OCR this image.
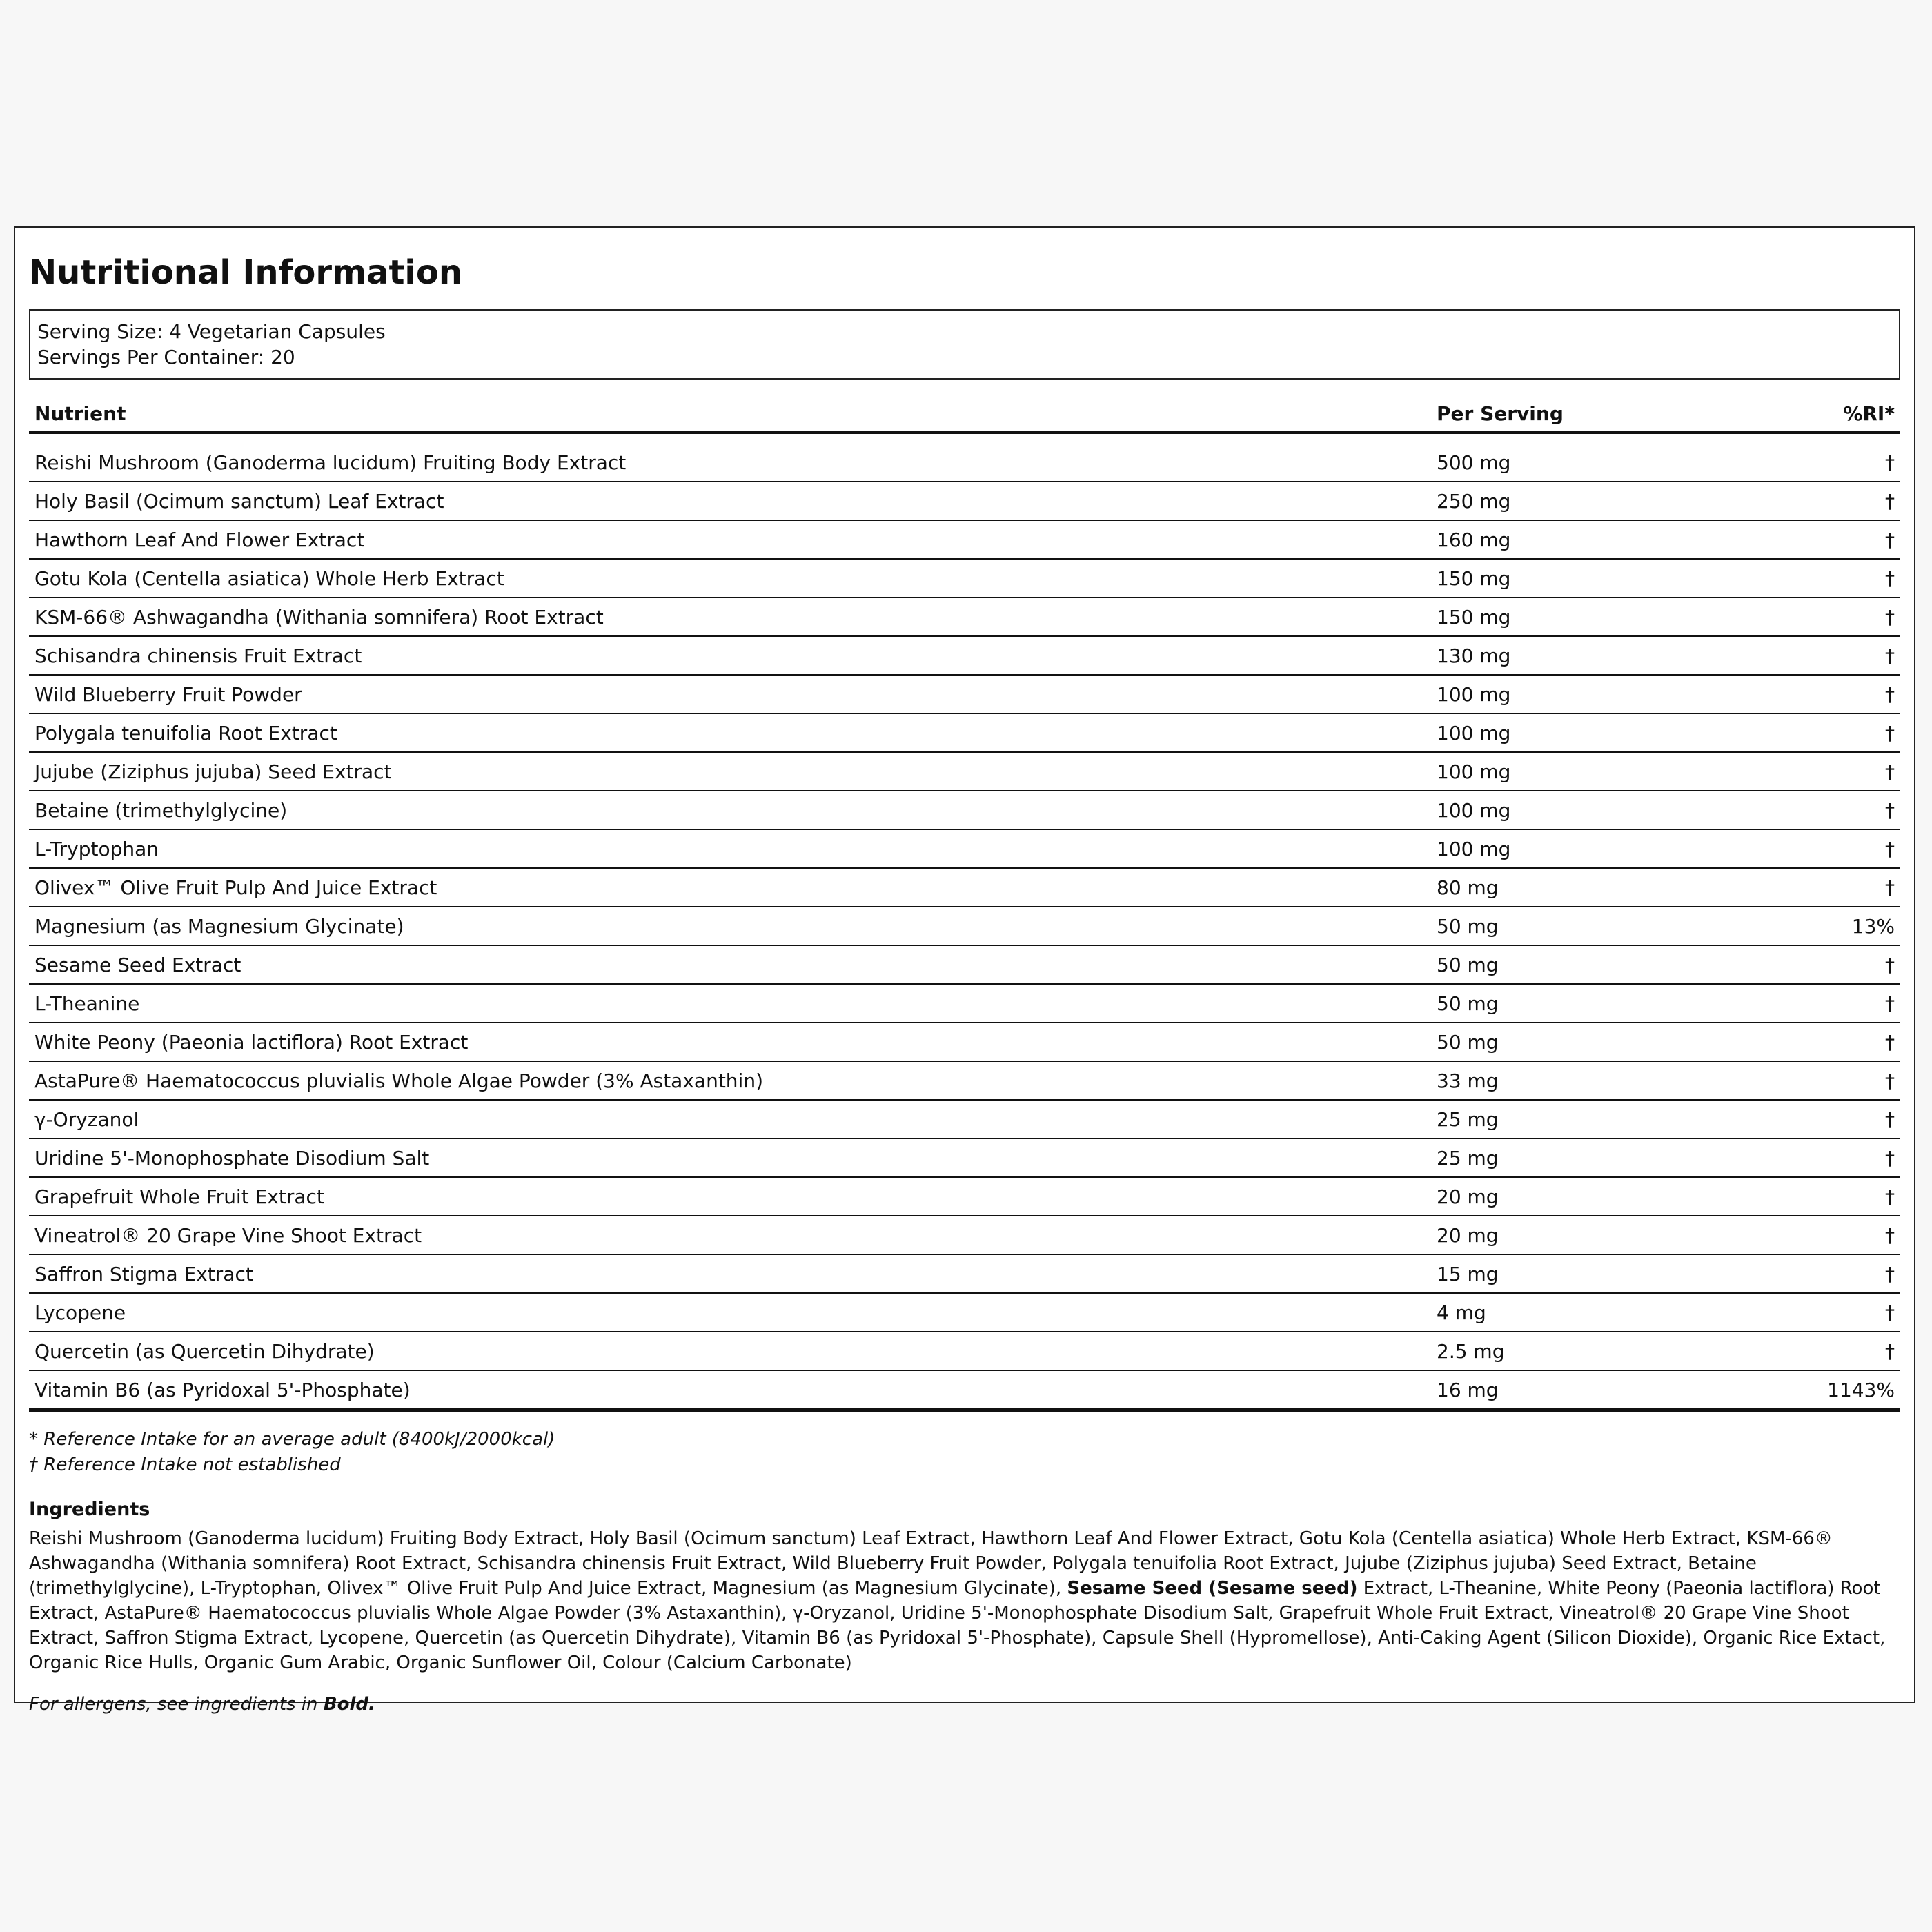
Nutritional Information
Serving Size: 4 Vegetarian Capsules
Servings Per Container: 20
Nutrient	Per Serving	%RI*
Reishi Mushroom (Ganoderma lucidum) Fruiting Body Extract	500 mg	†
Holy Basil (Ocimum sanctum) Leaf Extract	250 mg	†
Hawthorn Leaf And Flower Extract	160 mg	†
Gotu Kola (Centella asiatica) Whole Herb Extract	150 mg	†
KSM-66® Ashwagandha (Withania somnifera) Root Extract	150 mg	†
Schisandra chinensis Fruit Extract	130 mg	†
Wild Blueberry Fruit Powder	100 mg	†
Polygala tenuifolia Root Extract	100 mg	†
Jujube (Ziziphus jujuba) Seed Extract	100 mg	†
Betaine (trimethylglycine)	100 mg	†
L-Tryptophan	100 mg	†
Olivex™ Olive Fruit Pulp And Juice Extract	80 mg	†
Magnesium (as Magnesium Glycinate)	50 mg	13%
Sesame Seed Extract	50 mg	†
L-Theanine	50 mg	†
White Peony (Paeonia lactiflora) Root Extract	50 mg	†
AstaPure® Haematococcus pluvialis Whole Algae Powder (3% Astaxanthin)	33 mg	†
γ-Oryzanol	25 mg	†
Uridine 5'-Monophosphate Disodium Salt	25 mg	†
Grapefruit Whole Fruit Extract	20 mg	†
Vineatrol® 20 Grape Vine Shoot Extract	20 mg	†
Saffron Stigma Extract	15 mg	†
Lycopene	4 mg	†
Quercetin (as Quercetin Dihydrate)	2.5 mg	†
Vitamin B6 (as Pyridoxal 5'-Phosphate)	16 mg	1143%
* Reference Intake for an average adult (8400kJ/2000kcal)
† Reference Intake not established
Ingredients
Reishi Mushroom (Ganoderma lucidum) Fruiting Body Extract, Holy Basil (Ocimum sanctum) Leaf Extract, Hawthorn Leaf And Flower Extract, Gotu Kola (Centella asiatica) Whole Herb Extract, KSM-66® Ashwagandha (Withania somnifera) Root Extract, Schisandra chinensis Fruit Extract, Wild Blueberry Fruit Powder, Polygala tenuifolia Root Extract, Jujube (Ziziphus jujuba) Seed Extract, Betaine (trimethylglycine), L-Tryptophan, Olivex™ Olive Fruit Pulp And Juice Extract, Magnesium (as Magnesium Glycinate), Sesame Seed (Sesame seed) Extract, L-Theanine, White Peony (Paeonia lactiflora) Root Extract, AstaPure® Haematococcus pluvialis Whole Algae Powder (3% Astaxanthin), γ-Oryzanol, Uridine 5'-Monophosphate Disodium Salt, Grapefruit Whole Fruit Extract, Vineatrol® 20 Grape Vine Shoot Extract, Saffron Stigma Extract, Lycopene, Quercetin (as Quercetin Dihydrate), Vitamin B6 (as Pyridoxal 5'-Phosphate), Capsule Shell (Hypromellose), Anti-Caking Agent (Silicon Dioxide), Organic Rice Extact, Organic Rice Hulls, Organic Gum Arabic, Organic Sunflower Oil, Colour (Calcium Carbonate)
For allergens, see ingredients in Bold.
